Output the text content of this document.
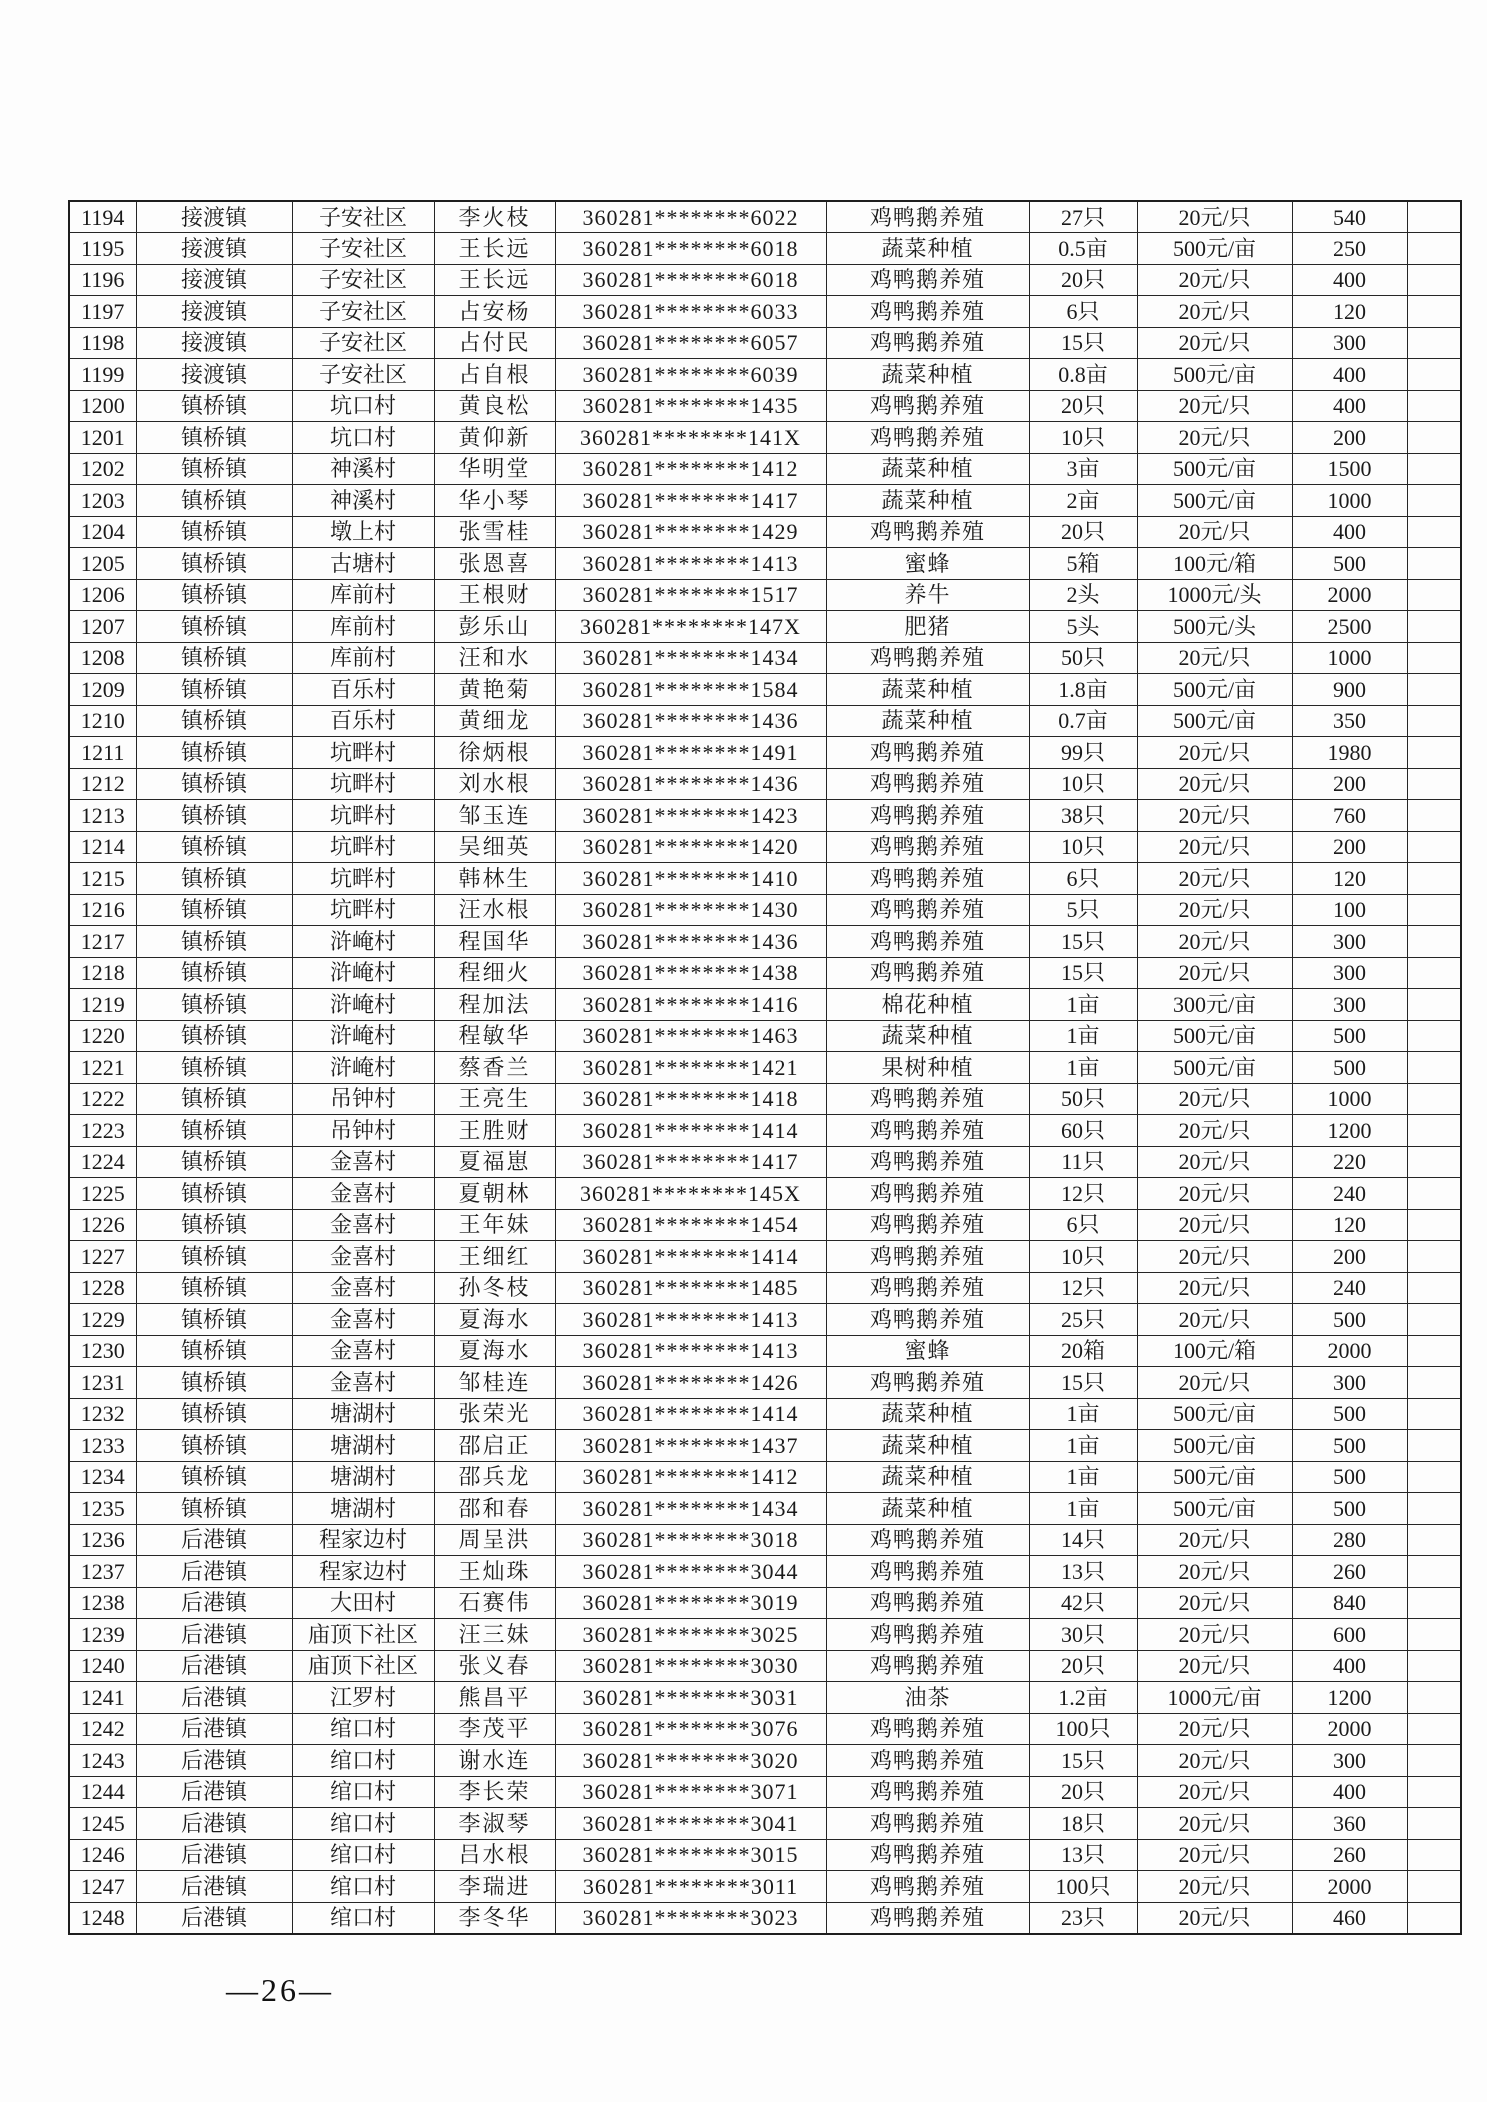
1194	接渡镇	子安社区	李火枝	360281********6022	鸡鸭鹅养殖	27只	20元/只	540	
1195	接渡镇	子安社区	王长远	360281********6018	蔬菜种植	0.5亩	500元/亩	250	
1196	接渡镇	子安社区	王长远	360281********6018	鸡鸭鹅养殖	20只	20元/只	400	
1197	接渡镇	子安社区	占安杨	360281********6033	鸡鸭鹅养殖	6只	20元/只	120	
1198	接渡镇	子安社区	占付民	360281********6057	鸡鸭鹅养殖	15只	20元/只	300	
1199	接渡镇	子安社区	占自根	360281********6039	蔬菜种植	0.8亩	500元/亩	400	
1200	镇桥镇	坑口村	黄良松	360281********1435	鸡鸭鹅养殖	20只	20元/只	400	
1201	镇桥镇	坑口村	黄仰新	360281********141X	鸡鸭鹅养殖	10只	20元/只	200	
1202	镇桥镇	神溪村	华明堂	360281********1412	蔬菜种植	3亩	500元/亩	1500	
1203	镇桥镇	神溪村	华小琴	360281********1417	蔬菜种植	2亩	500元/亩	1000	
1204	镇桥镇	墩上村	张雪桂	360281********1429	鸡鸭鹅养殖	20只	20元/只	400	
1205	镇桥镇	古塘村	张恩喜	360281********1413	蜜蜂	5箱	100元/箱	500	
1206	镇桥镇	库前村	王根财	360281********1517	养牛	2头	1000元/头	2000	
1207	镇桥镇	库前村	彭乐山	360281********147X	肥猪	5头	500元/头	2500	
1208	镇桥镇	库前村	汪和水	360281********1434	鸡鸭鹅养殖	50只	20元/只	1000	
1209	镇桥镇	百乐村	黄艳菊	360281********1584	蔬菜种植	1.8亩	500元/亩	900	
1210	镇桥镇	百乐村	黄细龙	360281********1436	蔬菜种植	0.7亩	500元/亩	350	
1211	镇桥镇	坑畔村	徐炳根	360281********1491	鸡鸭鹅养殖	99只	20元/只	1980	
1212	镇桥镇	坑畔村	刘水根	360281********1436	鸡鸭鹅养殖	10只	20元/只	200	
1213	镇桥镇	坑畔村	邹玉连	360281********1423	鸡鸭鹅养殖	38只	20元/只	760	
1214	镇桥镇	坑畔村	吴细英	360281********1420	鸡鸭鹅养殖	10只	20元/只	200	
1215	镇桥镇	坑畔村	韩林生	360281********1410	鸡鸭鹅养殖	6只	20元/只	120	
1216	镇桥镇	坑畔村	汪水根	360281********1430	鸡鸭鹅养殖	5只	20元/只	100	
1217	镇桥镇	浒崦村	程国华	360281********1436	鸡鸭鹅养殖	15只	20元/只	300	
1218	镇桥镇	浒崦村	程细火	360281********1438	鸡鸭鹅养殖	15只	20元/只	300	
1219	镇桥镇	浒崦村	程加法	360281********1416	棉花种植	1亩	300元/亩	300	
1220	镇桥镇	浒崦村	程敏华	360281********1463	蔬菜种植	1亩	500元/亩	500	
1221	镇桥镇	浒崦村	蔡香兰	360281********1421	果树种植	1亩	500元/亩	500	
1222	镇桥镇	吊钟村	王亮生	360281********1418	鸡鸭鹅养殖	50只	20元/只	1000	
1223	镇桥镇	吊钟村	王胜财	360281********1414	鸡鸭鹅养殖	60只	20元/只	1200	
1224	镇桥镇	金喜村	夏福崽	360281********1417	鸡鸭鹅养殖	11只	20元/只	220	
1225	镇桥镇	金喜村	夏朝林	360281********145X	鸡鸭鹅养殖	12只	20元/只	240	
1226	镇桥镇	金喜村	王年妹	360281********1454	鸡鸭鹅养殖	6只	20元/只	120	
1227	镇桥镇	金喜村	王细红	360281********1414	鸡鸭鹅养殖	10只	20元/只	200	
1228	镇桥镇	金喜村	孙冬枝	360281********1485	鸡鸭鹅养殖	12只	20元/只	240	
1229	镇桥镇	金喜村	夏海水	360281********1413	鸡鸭鹅养殖	25只	20元/只	500	
1230	镇桥镇	金喜村	夏海水	360281********1413	蜜蜂	20箱	100元/箱	2000	
1231	镇桥镇	金喜村	邹桂连	360281********1426	鸡鸭鹅养殖	15只	20元/只	300	
1232	镇桥镇	塘湖村	张荣光	360281********1414	蔬菜种植	1亩	500元/亩	500	
1233	镇桥镇	塘湖村	邵启正	360281********1437	蔬菜种植	1亩	500元/亩	500	
1234	镇桥镇	塘湖村	邵兵龙	360281********1412	蔬菜种植	1亩	500元/亩	500	
1235	镇桥镇	塘湖村	邵和春	360281********1434	蔬菜种植	1亩	500元/亩	500	
1236	后港镇	程家边村	周呈洪	360281********3018	鸡鸭鹅养殖	14只	20元/只	280	
1237	后港镇	程家边村	王灿珠	360281********3044	鸡鸭鹅养殖	13只	20元/只	260	
1238	后港镇	大田村	石赛伟	360281********3019	鸡鸭鹅养殖	42只	20元/只	840	
1239	后港镇	庙顶下社区	汪三妹	360281********3025	鸡鸭鹅养殖	30只	20元/只	600	
1240	后港镇	庙顶下社区	张义春	360281********3030	鸡鸭鹅养殖	20只	20元/只	400	
1241	后港镇	江罗村	熊昌平	360281********3031	油茶	1.2亩	1000元/亩	1200	
1242	后港镇	绾口村	李茂平	360281********3076	鸡鸭鹅养殖	100只	20元/只	2000	
1243	后港镇	绾口村	谢水连	360281********3020	鸡鸭鹅养殖	15只	20元/只	300	
1244	后港镇	绾口村	李长荣	360281********3071	鸡鸭鹅养殖	20只	20元/只	400	
1245	后港镇	绾口村	李淑琴	360281********3041	鸡鸭鹅养殖	18只	20元/只	360	
1246	后港镇	绾口村	吕水根	360281********3015	鸡鸭鹅养殖	13只	20元/只	260	
1247	后港镇	绾口村	李瑞进	360281********3011	鸡鸭鹅养殖	100只	20元/只	2000	
1248	后港镇	绾口村	李冬华	360281********3023	鸡鸭鹅养殖	23只	20元/只	460	
—26—
